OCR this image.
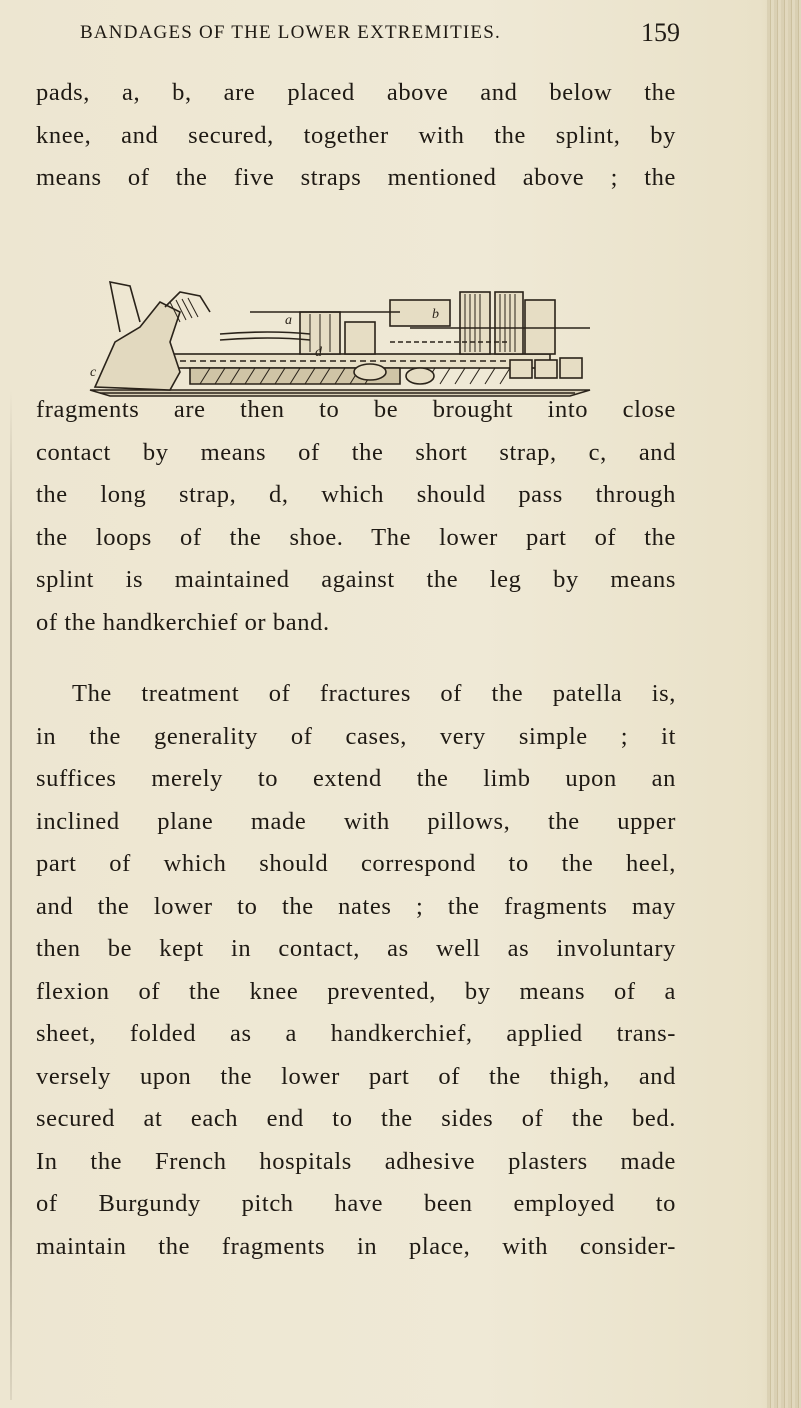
BANDAGES OF THE LOWER EXTREMITIES.	159
pads, a, b, are placed above and below the
knee, and secured, together with the splint, by
means of the five straps mentioned above ; the
c
a	b
d
fragments are then to be brought into close
contact by means of the short strap, c, and
the long strap, d, which should pass through
the loops of the shoe. The lower part of the
splint is maintained against the leg by means
of the handkerchief or band.
The treatment of fractures of the patella is,
in the generality of cases, very simple ; it
suffices merely to extend the limb upon an
inclined plane made with pillows, the upper
part of which should correspond to the heel,
and the lower to the nates ; the fragments may
then be kept in contact, as well as involuntary
flexion of the knee prevented, by means of a
sheet, folded as a handkerchief, applied trans-
versely upon the lower part of the thigh, and
secured at each end to the sides of the bed.
In the French hospitals adhesive plasters made
of Burgundy pitch have been employed to
maintain the fragments in place, with consider-
